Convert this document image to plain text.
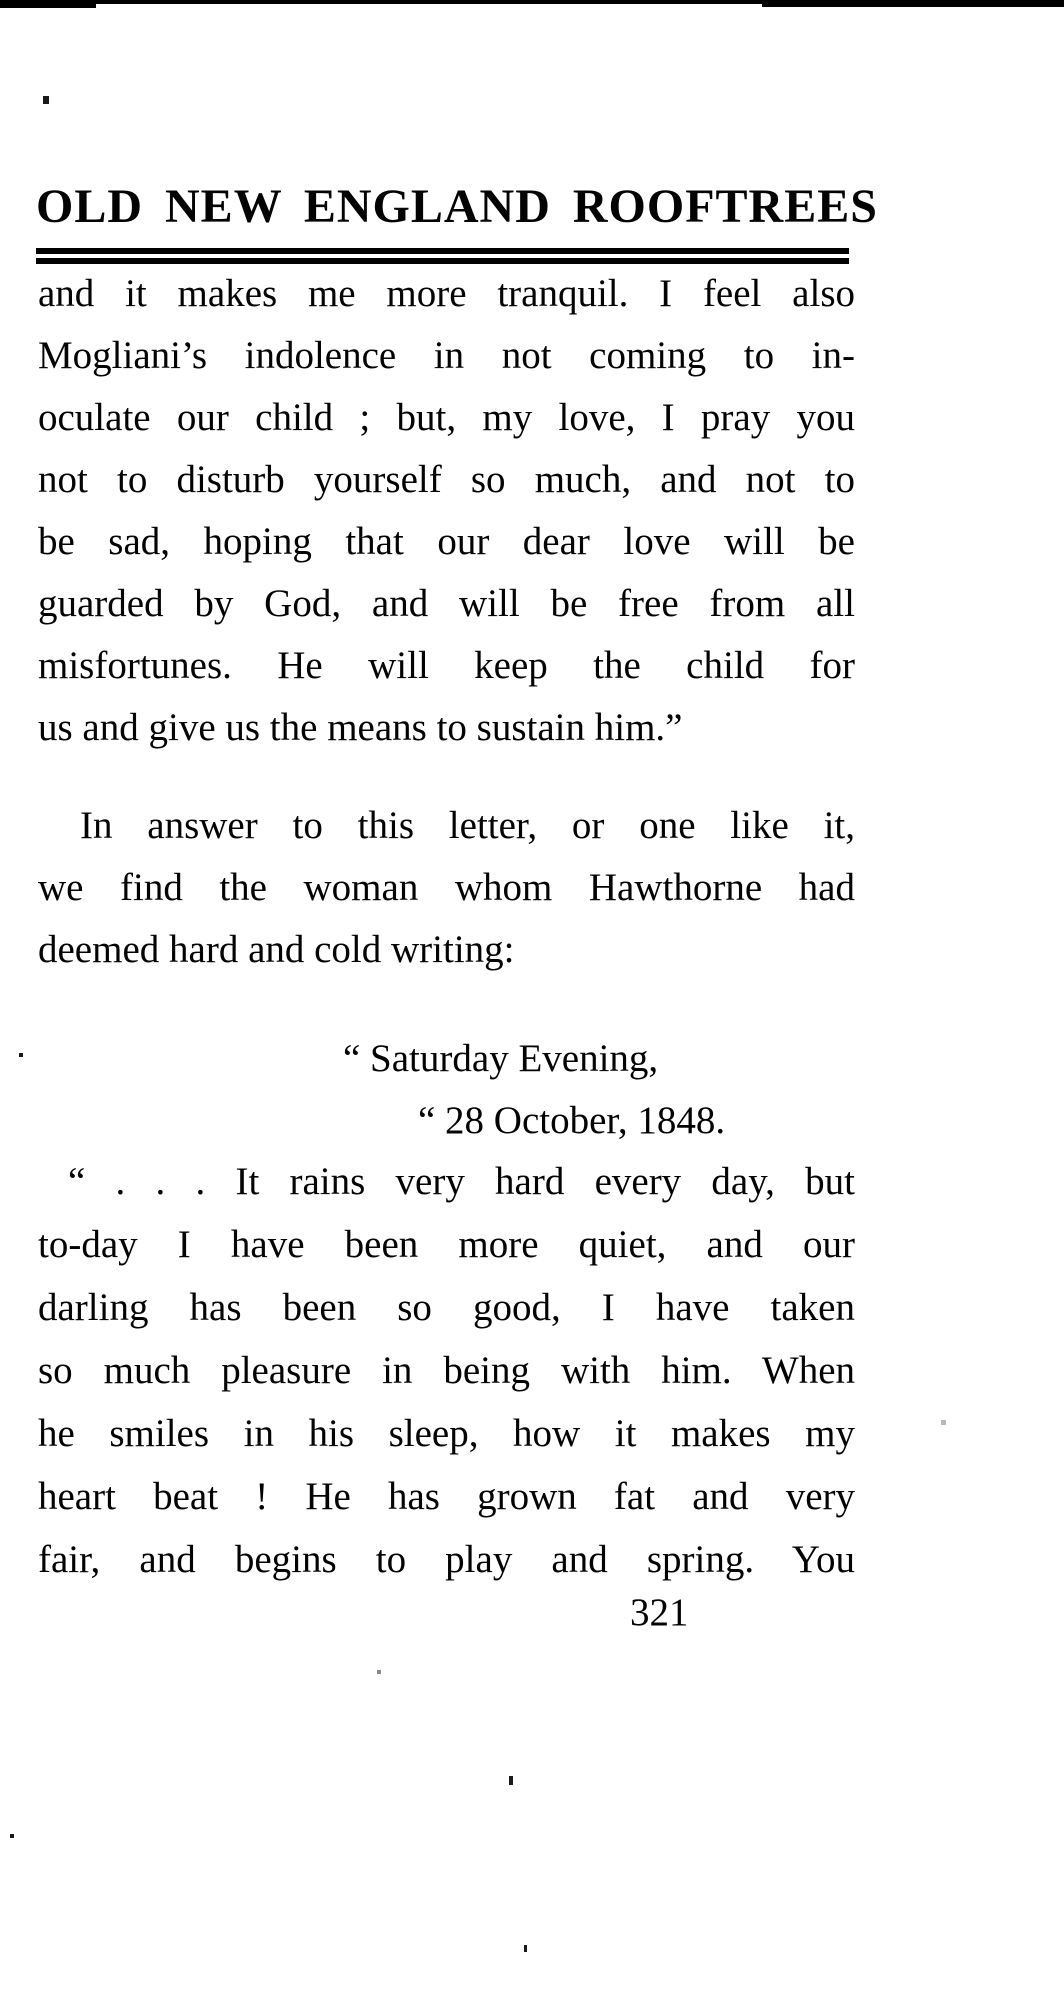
OLD NEW ENGLAND ROOFTREES
and it makes me more tranquil. I feel also
Mogliani’s indolence in not coming to in-
oculate our child ; but, my love, I pray you
not to disturb yourself so much, and not to
be sad, hoping that our dear love will be
guarded by God, and will be free from all
misfortunes. He will keep the child for
us and give us the means to sustain him.”
In answer to this letter, or one like it,
we find the woman whom Hawthorne had
deemed hard and cold writing:
“ Saturday Evening,
“ 28 October, 1848.
“ . . . It rains very hard every day, but
to-day I have been more quiet, and our
darling has been so good, I have taken
so much pleasure in being with him. When
he smiles in his sleep, how it makes my
heart beat ! He has grown fat and very
fair, and begins to play and spring. You
321
